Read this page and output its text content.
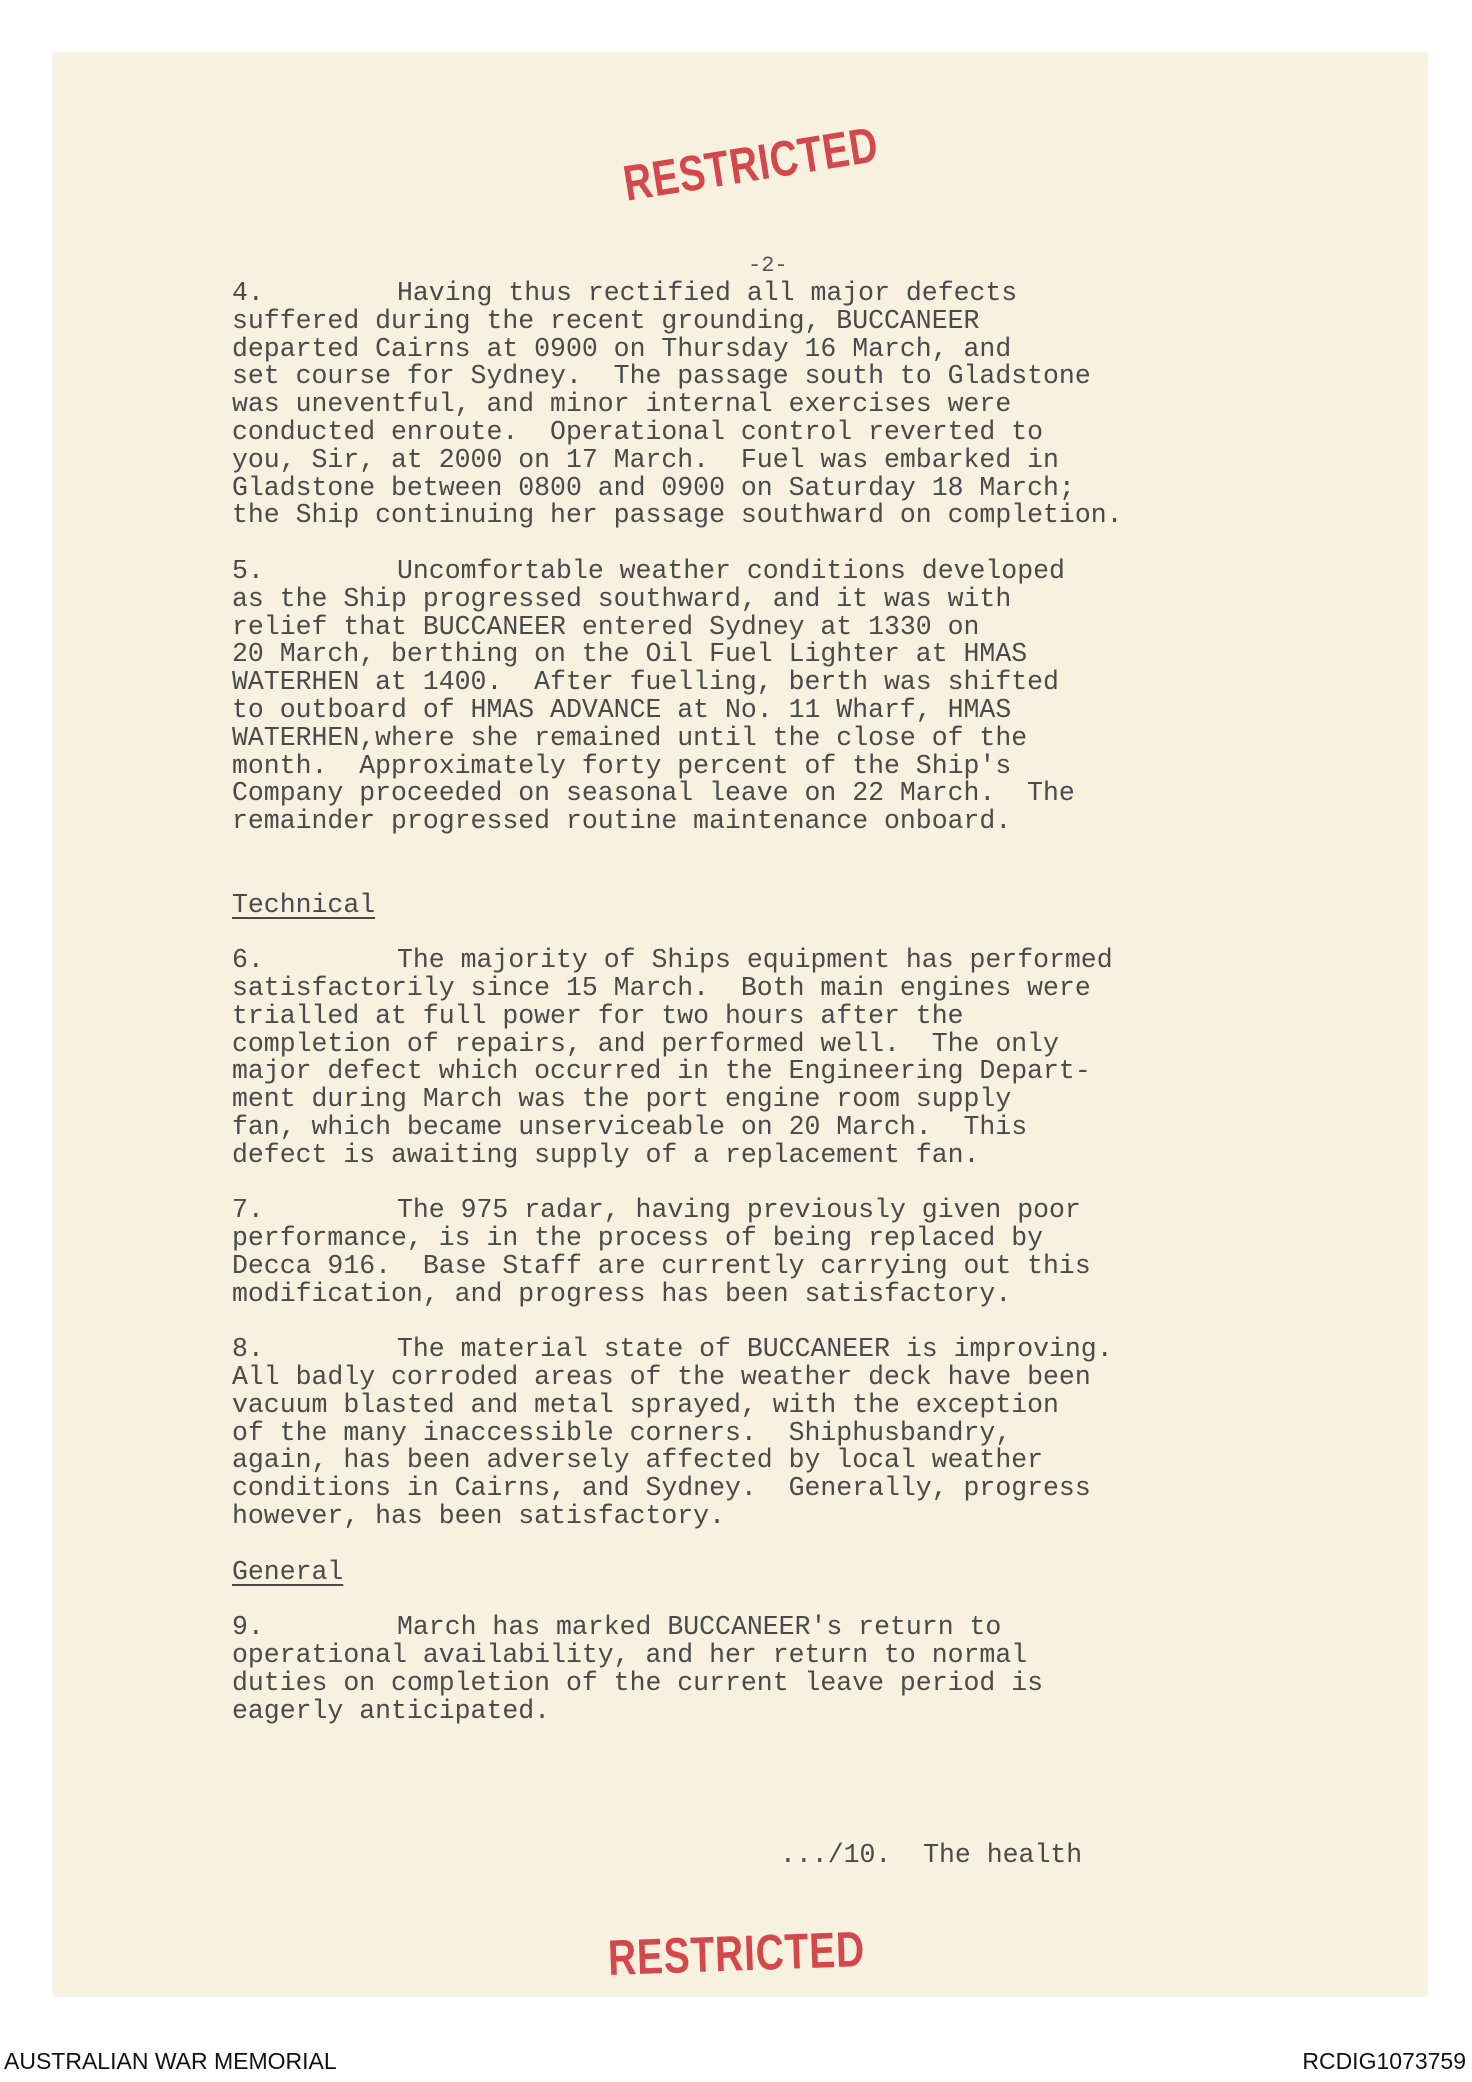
RESTRICTED
-2-
RESTRICTED
4.	Having thus rectified all major defects
suffered during the recent grounding, BUCCANEER
departed Cairns at 0900 on Thursday 16 March, and
set course for Sydney.  The passage south to Gladstone
was uneventful, and minor internal exercises were
conducted enroute.  Operational control reverted to
you, Sir, at 2000 on 17 March.  Fuel was embarked in
Gladstone between 0800 and 0900 on Saturday 18 March;
the Ship continuing her passage southward on completion.
5.	Uncomfortable weather conditions developed
as the Ship progressed southward, and it was with
relief that BUCCANEER entered Sydney at 1330 on
20 March, berthing on the Oil Fuel Lighter at HMAS
WATERHEN at 1400.  After fuelling, berth was shifted
to outboard of HMAS ADVANCE at No. 11 Wharf, HMAS
WATERHEN,where she remained until the close of the
month.  Approximately forty percent of the Ship's
Company proceeded on seasonal leave on 22 March.  The
remainder progressed routine maintenance onboard.
Technical
6.	The majority of Ships equipment has performed
satisfactorily since 15 March.  Both main engines were
trialled at full power for two hours after the
completion of repairs, and performed well.  The only
major defect which occurred in the Engineering Depart-
ment during March was the port engine room supply
fan, which became unserviceable on 20 March.  This
defect is awaiting supply of a replacement fan.
7.	The 975 radar, having previously given poor
performance, is in the process of being replaced by
Decca 916.  Base Staff are currently carrying out this
modification, and progress has been satisfactory.
8.	The material state of BUCCANEER is improving.
All badly corroded areas of the weather deck have been
vacuum blasted and metal sprayed, with the exception
of the many inaccessible corners.  Shiphusbandry,
again, has been adversely affected by local weather
conditions in Cairns, and Sydney.  Generally, progress
however, has been satisfactory.
General
9.	March has marked BUCCANEER's return to
operational availability, and her return to normal
duties on completion of the current leave period is
eagerly anticipated.
.../10.  The health
AUSTRALIAN WAR MEMORIAL	RCDIG1073759
